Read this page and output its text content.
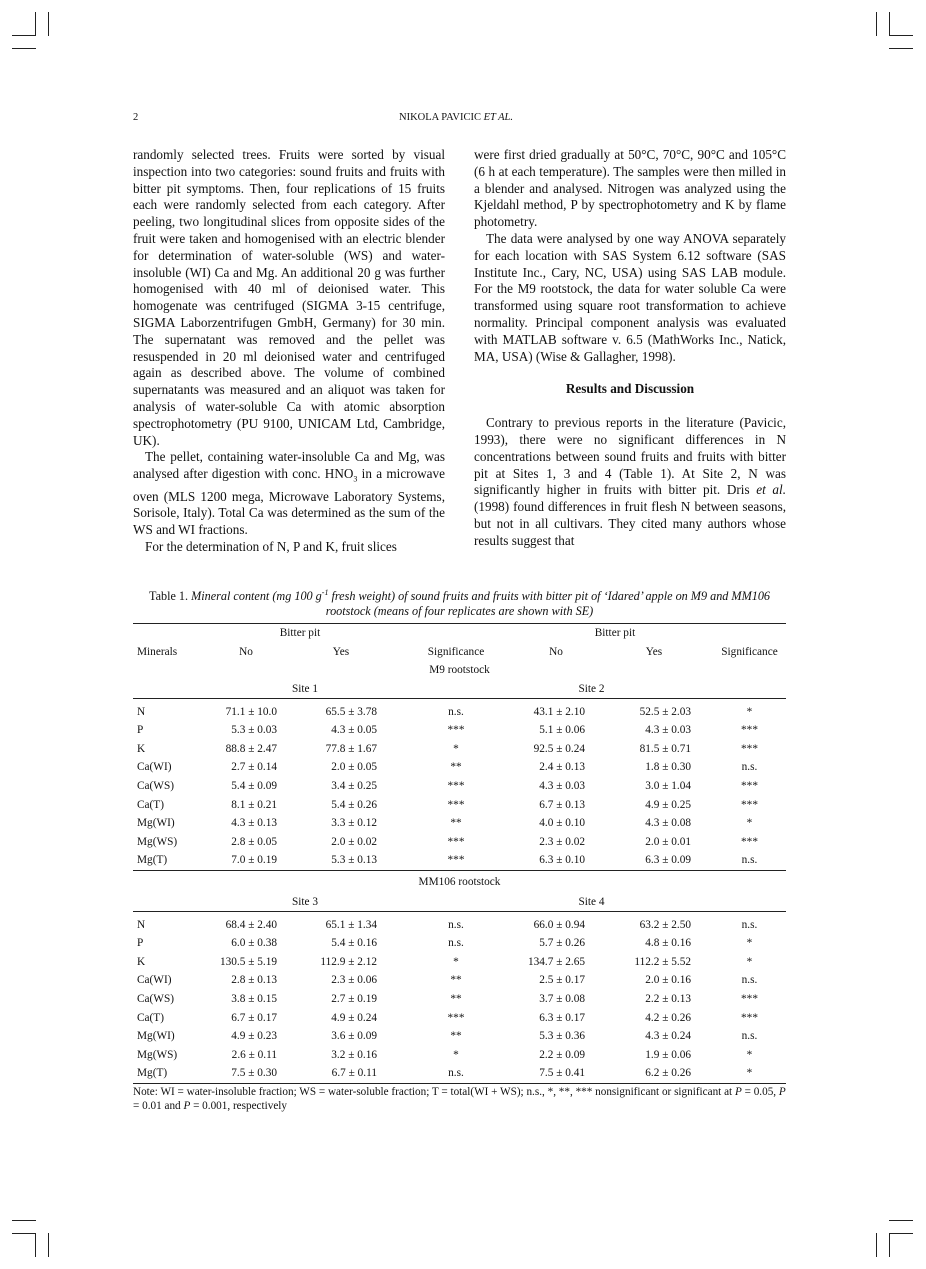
2	NIKOLA PAVICIC ET AL.

randomly selected trees. Fruits were sorted by visual inspection into two categories: sound fruits and fruits with bitter pit symptoms. Then, four replications of 15 fruits each were randomly selected from each category. After peeling, two longitudinal slices from opposite sides of the fruit were taken and homogenised with an electric blender for determination of water-soluble (WS) and water-insoluble (WI) Ca and Mg. An additional 20 g was further homogenised with 40 ml of deionised water. This homogenate was centrifuged (SIGMA 3-15 centrifuge, SIGMA Laborzentrifugen GmbH, Germany) for 30 min. The supernatant was removed and the pellet was resuspended in 20 ml deionised water and centrifuged again as described above. The volume of combined supernatants was measured and an aliquot was taken for analysis of water-soluble Ca with atomic absorption spectrophotometry (PU 9100, UNICAM Ltd, Cambridge, UK).

The pellet, containing water-insoluble Ca and Mg, was analysed after digestion with conc. $HNO_3$ in a microwave oven (MLS 1200 mega, Microwave Laboratory Systems, Sorisole, Italy). Total Ca was determined as the sum of the WS and WI fractions.

For the determination of N, P and K, fruit slices

were first dried gradually at 50°C, 70°C, 90°C and 105°C (6 h at each temperature). The samples were then milled in a blender and analysed. Nitrogen was analyzed using the Kjeldahl method, P by spectrophotometry and K by flame photometry.

The data were analysed by one way ANOVA separately for each location with SAS System 6.12 software (SAS Institute Inc., Cary, NC, USA) using SAS LAB module. For the M9 rootstock, the data for water soluble Ca were transformed using square root transformation to achieve normality. Principal component analysis was evaluated with MATLAB software v. 6.5 (MathWorks Inc., Natick, MA, USA) (Wise & Gallagher, 1998).

Results and Discussion

Contrary to previous reports in the literature (Pavicic, 1993), there were no significant differences in N concentrations between sound fruits and fruits with bitter pit at Sites 1, 3 and 4 (Table 1). At Site 2, N was significantly higher in fruits with bitter pit. Dris et al. (1998) found differences in fruit flesh N between seasons, but not in all cultivars. They cited many authors whose results suggest that

Table 1. Mineral content (mg 100 $g^{-1}$ fresh weight) of sound fruits and fruits with bitter pit of ‘Idared’ apple on M9 and MM106 rootstock (means of four replicates are shown with SE)
	Bitter pit			Bitter pit		
Minerals	No	Yes	Significance	No	Yes	Significance
M9 rootstock						
	Site 1			Site 2		

N	71.1 ± 10.0	65.5 ± 3.78	n.s.	43.1 ± 2.10	52.5 ± 2.03	*
P	5.3 ± 0.03	4.3 ± 0.05	***	5.1 ± 0.06	4.3 ± 0.03	***
K	88.8 ± 2.47	77.8 ± 1.67	*	92.5 ± 0.24	81.5 ± 0.71	***
Ca(WI)	2.7 ± 0.14	2.0 ± 0.05	**	2.4 ± 0.13	1.8 ± 0.30	n.s.
Ca(WS)	5.4 ± 0.09	3.4 ± 0.25	***	4.3 ± 0.03	3.0 ± 1.04	***
Ca(T)	8.1 ± 0.21	5.4 ± 0.26	***	6.7 ± 0.13	4.9 ± 0.25	***
Mg(WI)	4.3 ± 0.13	3.3 ± 0.12	**	4.0 ± 0.10	4.3 ± 0.08	*
Mg(WS)	2.8 ± 0.05	2.0 ± 0.02	***	2.3 ± 0.02	2.0 ± 0.01	***
Mg(T)	7.0 ± 0.19	5.3 ± 0.13	***	6.3 ± 0.10	6.3 ± 0.09	n.s.
MM106 rootstock						
	Site 3			Site 4		

N	68.4 ± 2.40	65.1 ± 1.34	n.s.	66.0 ± 0.94	63.2 ± 2.50	n.s.
P	6.0 ± 0.38	5.4 ± 0.16	n.s.	5.7 ± 0.26	4.8 ± 0.16	*
K	130.5 ± 5.19	112.9 ± 2.12	*	134.7 ± 2.65	112.2 ± 5.52	*
Ca(WI)	2.8 ± 0.13	2.3 ± 0.06	**	2.5 ± 0.17	2.0 ± 0.16	n.s.
Ca(WS)	3.8 ± 0.15	2.7 ± 0.19	**	3.7 ± 0.08	2.2 ± 0.13	***
Ca(T)	6.7 ± 0.17	4.9 ± 0.24	***	6.3 ± 0.17	4.2 ± 0.26	***
Mg(WI)	4.9 ± 0.23	3.6 ± 0.09	**	5.3 ± 0.36	4.3 ± 0.24	n.s.
Mg(WS)	2.6 ± 0.11	3.2 ± 0.16	*	2.2 ± 0.09	1.9 ± 0.06	*
Mg(T)	7.5 ± 0.30	6.7 ± 0.11	n.s.	7.5 ± 0.41	6.2 ± 0.26	*
Note: WI = water-insoluble fraction; WS = water-soluble fraction; T = total(WI + WS); n.s., *, **, *** nonsignificant or significant at P = 0.05, P = 0.01 and P = 0.001, respectively
